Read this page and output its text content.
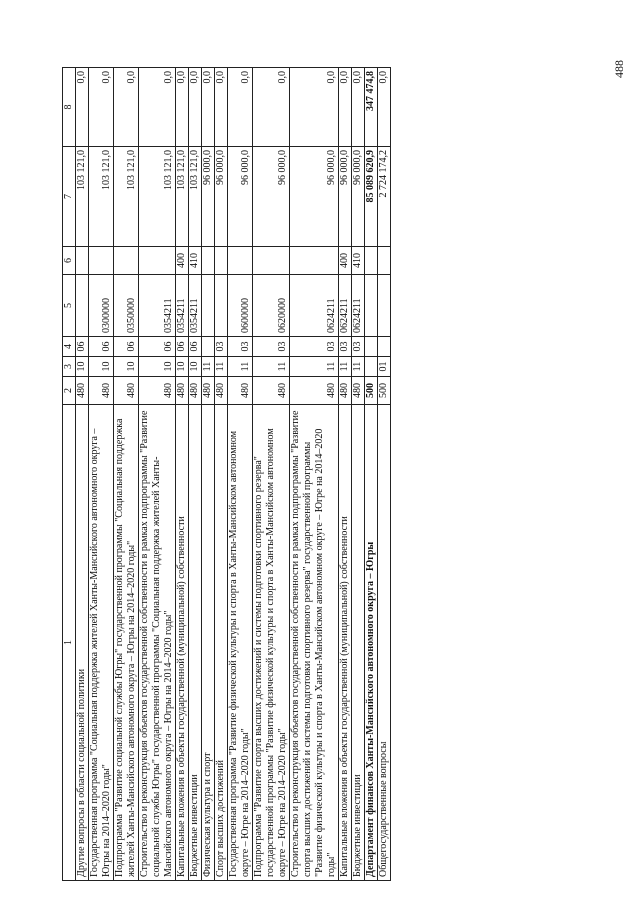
488
1	2	3	4	5	6	7	8
Другие вопросы в области социальной политики	480	10	06			103 121,0	0,0
Государственная программа "Социальная поддержка жителей Ханты-Мансийского автономного округа – Югры на 2014–2020 годы"	480	10	06	0300000		103 121,0	0,0
Подпрограмма "Развитие социальной службы Югры" государственной программы "Социальная поддержка жителей Ханты-Мансийского автономного округа – Югры на 2014–2020 годы"	480	10	06	0350000		103 121,0	0,0
Строительство и реконструкция объектов государственной собственности в рамках подпрограммы "Развитие социальной службы Югры" государственной программы "Социальная поддержка жителей Ханты-Мансийского автономного округа – Югры на 2014–2020 годы"	480	10	06	0354211		103 121,0	0,0
Капитальные вложения в объекты государственной (муниципальной) собственности	480	10	06	0354211	400	103 121,0	0,0
Бюджетные инвестиции	480	10	06	0354211	410	103 121,0	0,0
Физическая культура и спорт	480	11				96 000,0	0,0
Спорт высших достижений	480	11	03			96 000,0	0,0
Государственная программа "Развитие физической культуры и спорта в Ханты-Мансийском автономном округе – Югре на 2014–2020 годы"	480	11	03	0600000		96 000,0	0,0
Подпрограмма "Развитие спорта высших достижений и системы подготовки спортивного резерва" государственной программы "Развитие физической культуры и спорта в Ханты-Мансийском автономном округе – Югре на 2014–2020 годы"	480	11	03	0620000		96 000,0	0,0
Строительство и реконструкция объектов государственной собственности в рамках подпрограммы "Развитие спорта высших достижений и системы подготовки спортивного резерва" государственной программы "Развитие физической культуры и спорта в Ханты-Мансийском автономном округе – Югре на 2014–2020 годы"	480	11	03	0624211		96 000,0	0,0
Капитальные вложения в объекты государственной (муниципальной) собственности	480	11	03	0624211	400	96 000,0	0,0
Бюджетные инвестиции	480	11	03	0624211	410	96 000,0	0,0
Департамент финансов Ханты-Мансийского автономного округа – Югры	500					85 089 620,9	347 474,8
Общегосударственные вопросы	500	01				2 724 174,2	0,0
